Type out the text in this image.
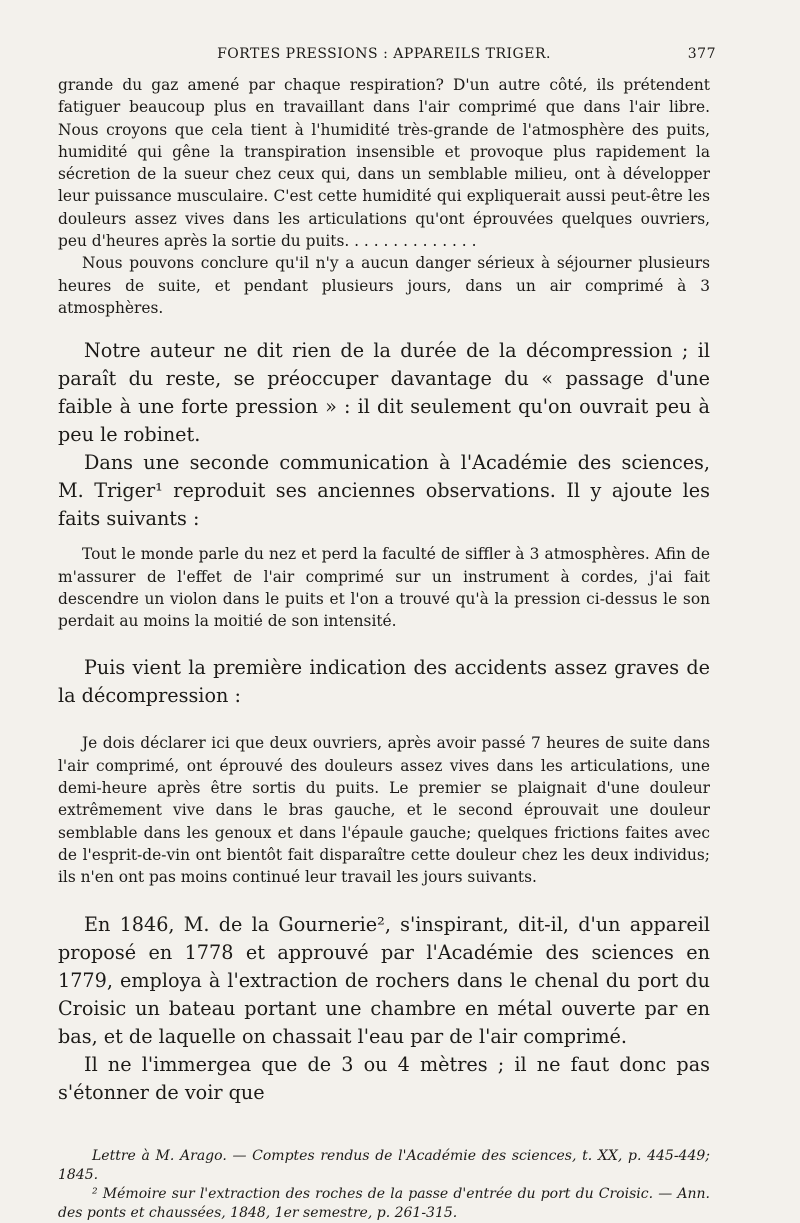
FORTES PRESSIONS : APPAREILS TRIGER.	377

grande du gaz amené par chaque respiration? D'un autre côté, ils prétendent fatiguer beaucoup plus en travaillant dans l'air comprimé que dans l'air libre. Nous croyons que cela tient à l'humidité très-grande de l'atmosphère des puits, humidité qui gêne la transpiration insensible et provoque plus rapidement la sécretion de la sueur chez ceux qui, dans un semblable milieu, ont à développer leur puissance musculaire. C'est cette humidité qui expliquerait aussi peut-être les douleurs assez vives dans les articulations qu'ont éprouvées quelques ouvriers, peu d'heures après la sortie du puits. . . . . . . . . . . . . .

Nous pouvons conclure qu'il n'y a aucun danger sérieux à séjourner plusieurs heures de suite, et pendant plusieurs jours, dans un air comprimé à 3 atmosphères.

Notre auteur ne dit rien de la durée de la décompression ; il paraît du reste, se préoccuper davantage du « passage d'une faible à une forte pression » : il dit seulement qu'on ouvrait peu à peu le robinet.

Dans une seconde communication à l'Académie des sciences, M. Triger¹ reproduit ses anciennes observations. Il y ajoute les faits suivants :

Tout le monde parle du nez et perd la faculté de siffler à 3 atmosphères. Afin de m'assurer de l'effet de l'air comprimé sur un instrument à cordes, j'ai fait descendre un violon dans le puits et l'on a trouvé qu'à la pression ci-dessus le son perdait au moins la moitié de son intensité.

Puis vient la première indication des accidents assez graves de la décompression :

Je dois déclarer ici que deux ouvriers, après avoir passé 7 heures de suite dans l'air comprimé, ont éprouvé des douleurs assez vives dans les articulations, une demi-heure après être sortis du puits. Le premier se plaignait d'une douleur extrêmement vive dans le bras gauche, et le second éprouvait une douleur semblable dans les genoux et dans l'épaule gauche; quelques frictions faites avec de l'esprit-de-vin ont bientôt fait disparaître cette douleur chez les deux individus; ils n'en ont pas moins continué leur travail les jours suivants.

En 1846, M. de la Gournerie², s'inspirant, dit-il, d'un appareil proposé en 1778 et approuvé par l'Académie des sciences en 1779, employa à l'extraction de rochers dans le chenal du port du Croisic un bateau portant une chambre en métal ouverte par en bas, et de laquelle on chassait l'eau par de l'air comprimé.

Il ne l'immergea que de 3 ou 4 mètres ; il ne faut donc pas s'étonner de voir que

Lettre à M. Arago. — Comptes rendus de l'Académie des sciences, t. XX, p. 445-449; 1845.

² Mémoire sur l'extraction des roches de la passe d'entrée du port du Croisic. — Ann. des ponts et chaussées, 1848, 1er semestre, p. 261-315.
